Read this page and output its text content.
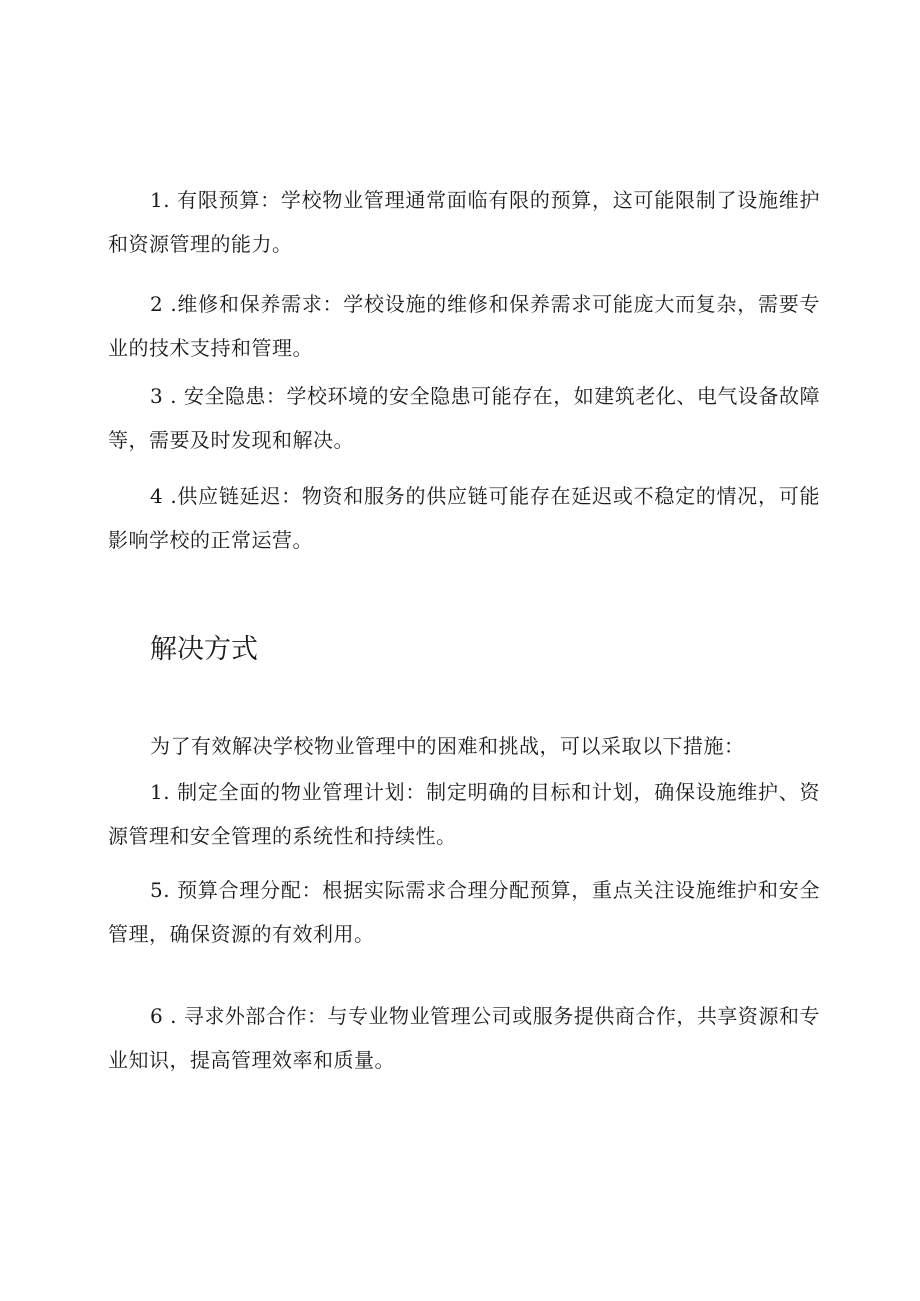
1. 有限预算：学校物业管理通常面临有限的预算，这可能限制了设施维护和资源管理的能力。

2 .维修和保养需求：学校设施的维修和保养需求可能庞大而复杂，需要专业的技术支持和管理。

3 . 安全隐患：学校环境的安全隐患可能存在，如建筑老化、电气设备故障等，需要及时发现和解决。

4 .供应链延迟：物资和服务的供应链可能存在延迟或不稳定的情况，可能影响学校的正常运营。

解决方式

为了有效解决学校物业管理中的困难和挑战，可以采取以下措施：

1. 制定全面的物业管理计划：制定明确的目标和计划，确保设施维护、资源管理和安全管理的系统性和持续性。

5. 预算合理分配：根据实际需求合理分配预算，重点关注设施维护和安全管理，确保资源的有效利用。

6 . 寻求外部合作：与专业物业管理公司或服务提供商合作，共享资源和专业知识，提高管理效率和质量。
